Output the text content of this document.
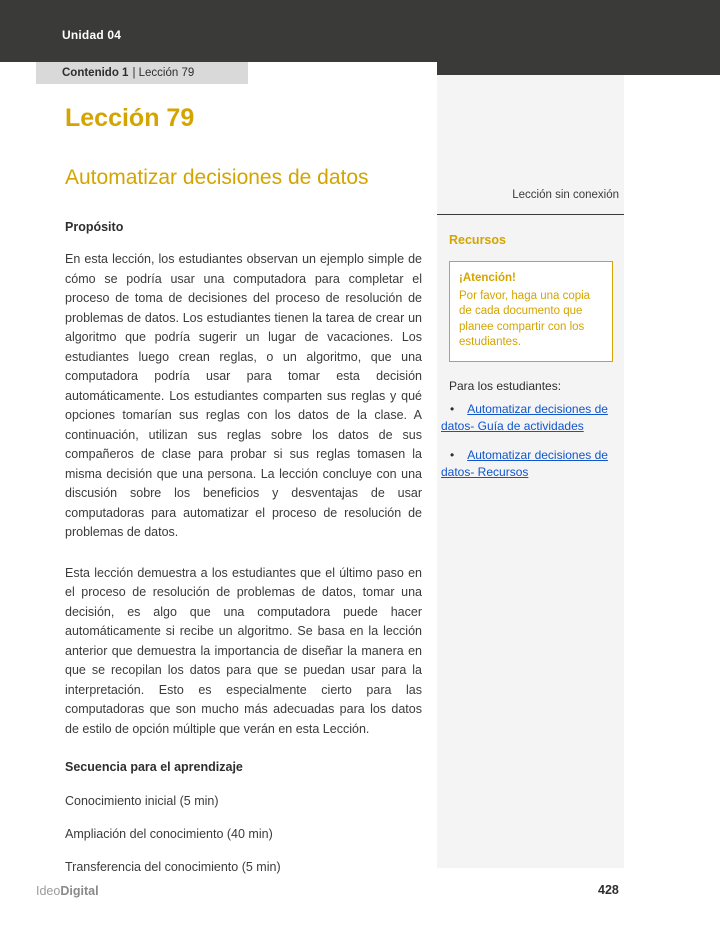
Unidad 04
Contenido 1 | Lección 79
Lección 79
Automatizar decisiones de datos
Propósito

En esta lección, los estudiantes observan un ejemplo simple de cómo se podría usar una computadora para completar el proceso de toma de decisiones del proceso de resolución de problemas de datos. Los estudiantes tienen la tarea de crear un algoritmo que podría sugerir un lugar de vacaciones. Los estudiantes luego crean reglas, o un algoritmo, que una computadora podría usar para tomar esta decisión automáticamente. Los estudiantes comparten sus reglas y qué opciones tomarían sus reglas con los datos de la clase. A continuación, utilizan sus reglas sobre los datos de sus compañeros de clase para probar si sus reglas tomasen la misma decisión que una persona. La lección concluye con una discusión sobre los beneficios y desventajas de usar computadoras para automatizar el proceso de resolución de problemas de datos.

Esta lección demuestra a los estudiantes que el último paso en el proceso de resolución de problemas de datos, tomar una decisión, es algo que una computadora puede hacer automáticamente si recibe un algoritmo. Se basa en la lección anterior que demuestra la importancia de diseñar la manera en que se recopilan los datos para que se puedan usar para la interpretación. Esto es especialmente cierto para las computadoras que son mucho más adecuadas para los datos de estilo de opción múltiple que verán en esta Lección.

Secuencia para el aprendizaje
Conocimiento inicial (5 min)
Ampliación del conocimiento (40 min)
Transferencia del conocimiento (5 min)
Lección sin conexión
Recursos
¡Atención!
Por favor, haga una copia de cada documento que planee compartir con los estudiantes.
Para los estudiantes:
• Automatizar decisiones de datos- Guía de actividades
• Automatizar decisiones de datos- Recursos
IdeoDigital	428
